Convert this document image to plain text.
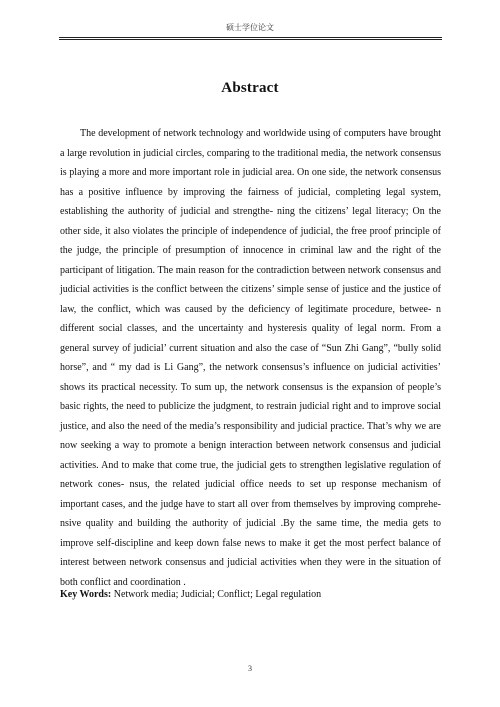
硕士学位论文
Abstract

The development of network technology and worldwide using of computers have brought a large revolution in judicial circles, comparing to the traditional media, the network consensus is playing a more and more important role in judicial area. On one side, the network consensus has a positive influence by improving the fairness of judicial, completing legal system, establishing the authority of judicial and strengthe- ning the citizens’ legal literacy; On the other side, it also violates the principle of independence of judicial, the free proof principle of the judge, the principle of presumption of innocence in criminal law and the right of the participant of litigation. The main reason for the contradiction between network consensus and judicial activities is the conflict between the citizens’ simple sense of justice and the justice of law, the conflict, which was caused by the deficiency of legitimate procedure, betwee- n different social classes, and the uncertainty and hysteresis quality of legal norm. From a general survey of judicial’ current situation and also the case of “Sun Zhi Gang”, “bully solid horse”, and “ my dad is Li Gang”, the network consensus’s influence on judicial activities’ shows its practical necessity. To sum up, the network consensus is the expansion of people’s basic rights, the need to publicize the judgment, to restrain judicial right and to improve social justice, and also the need of the media’s responsibility and judicial practice. That’s why we are now seeking a way to promote a benign interaction between network consensus and judicial activities. And to make that come true, the judicial gets to strengthen legislative regulation of network cones- nsus, the related judicial office needs to set up response mechanism of important cases, and the judge have to start all over from themselves by improving comprehe- nsive quality and building the authority of judicial .By the same time, the media gets to improve self-discipline and keep down false news to make it get the most perfect balance of interest between network consensus and judicial activities when they were in the situation of both conflict and coordination .

Key Words: Network media; Judicial; Conflict; Legal regulation
3
